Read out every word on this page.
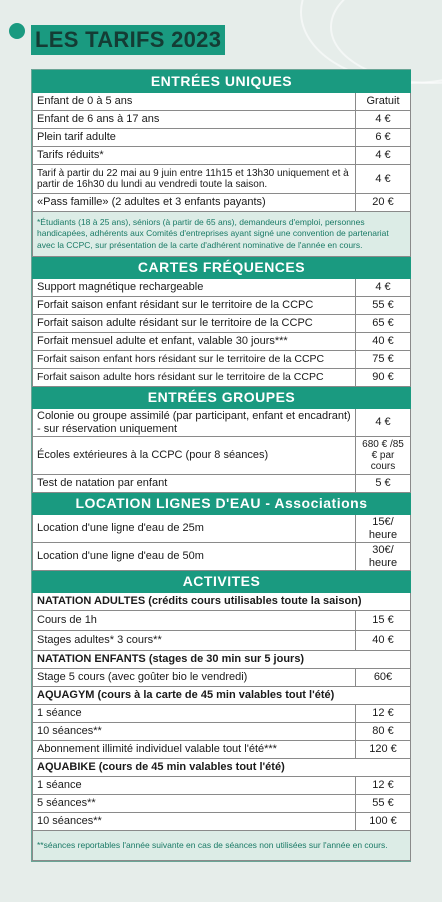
LES TARIFS 2023
ENTRÉES UNIQUES	
Enfant de 0 à 5 ans	Gratuit
Enfant de 6 ans à 17 ans	4 €
Plein tarif adulte	6 €
Tarifs réduits*	4 €
Tarif à partir du 22 mai au 9 juin entre 11h15 et 13h30 uniquement et à partir de 16h30 du lundi au vendredi toute la saison.	4 €
«Pass famille» (2 adultes et 3 enfants payants)	20 €
*Étudiants (18 à 25 ans), séniors (à partir de 65 ans), demandeurs d'emploi, personnes handicapées, adhérents aux Comités d'entreprises ayant signé une convention de partenariat avec la CCPC, sur présentation de la carte d'adhérent nominative de l'année en cours.	
CARTES FRÉQUENCES	
Support magnétique rechargeable	4 €
Forfait saison enfant résidant sur le territoire de la CCPC	55 €
Forfait saison adulte résidant sur le territoire de la CCPC	65 €
Forfait mensuel adulte et enfant, valable 30 jours***	40 €
Forfait saison enfant hors résidant sur le territoire de la CCPC	75 €
Forfait saison adulte hors résidant sur le territoire de la CCPC	90 €
ENTRÉES GROUPES	
Colonie ou groupe assimilé (par participant, enfant et encadrant) - sur réservation uniquement	4 €
Écoles extérieures à la CCPC (pour 8 séances)	680 € /85 € par cours
Test de natation par enfant	5 €
LOCATION LIGNES D'EAU - Associations	
Location d'une ligne d'eau de 25m	15€/ heure
Location d'une ligne d'eau de 50m	30€/ heure
ACTIVITES	
NATATION ADULTES (crédits cours utilisables toute la saison)	
Cours de 1h	15 €
Stages adultes* 3 cours**	40 €
NATATION ENFANTS (stages de 30 min sur 5 jours)	
Stage 5 cours (avec goûter bio le vendredi)	60€
AQUAGYM (cours à la carte de 45 min valables tout l'été)	
1 séance	12 €
10 séances**	80 €
Abonnement illimité individuel valable tout l'été***	120 €
AQUABIKE (cours de 45 min valables tout l'été)	
1 séance	12 €
5 séances**	55 €
10 séances**	100 €
**séances reportables l'année suivante en cas de séances non utilisées sur l'année en cours.	
